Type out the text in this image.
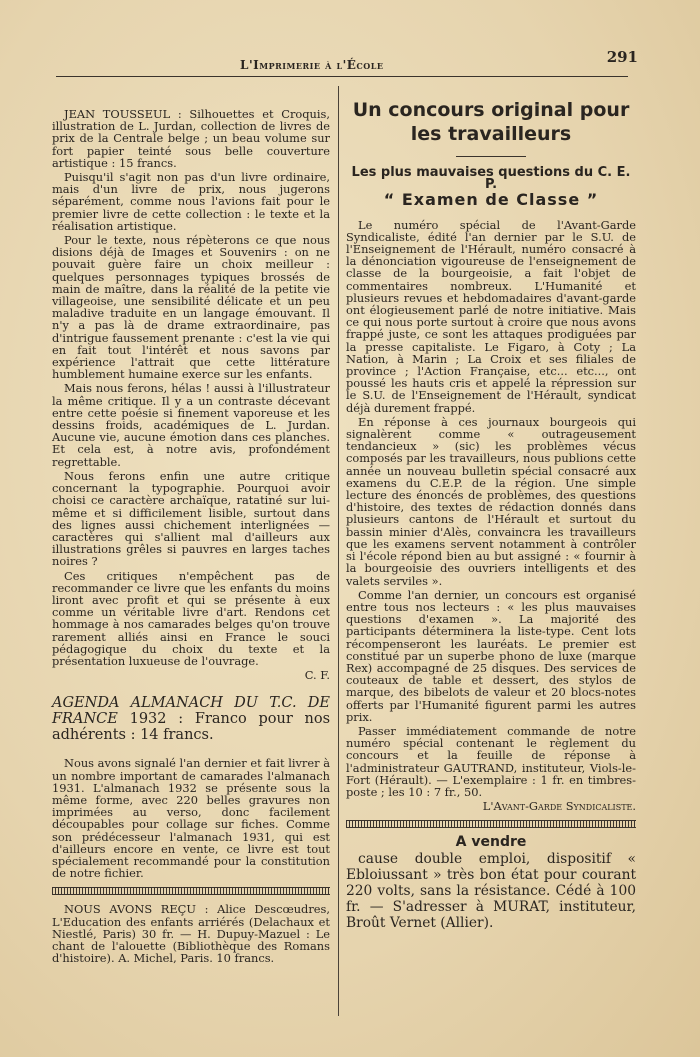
L'Imprimerie à l'École	291

JEAN TOUSSEUL : Silhouettes et Croquis, illustration de L. Jurdan, collection de livres de prix de la Centrale belge ; un beau volume sur fort papier teinté sous belle couverture artistique : 15 francs.

Puisqu'il s'agit non pas d'un livre ordinaire, mais d'un livre de prix, nous jugerons séparément, comme nous l'avions fait pour le premier livre de cette collection : le texte et la réalisation artistique.

Pour le texte, nous répèterons ce que nous disions déjà de Images et Souvenirs : on ne pouvait guère faire un choix meilleur : quelques personnages typiques brossés de main de maître, dans la réalité de la petite vie villageoise, une sensibilité délicate et un peu maladive traduite en un langage émouvant. Il n'y a pas là de drame extraordinaire, pas d'intrigue faussement prenante : c'est la vie qui en fait tout l'intérêt et nous savons par expérience l'attrait que cette littérature humblement humaine exerce sur les enfants.

Mais nous ferons, hélas ! aussi à l'illustrateur la même critique. Il y a un contraste décevant entre cette poésie si finement vaporeuse et les dessins froids, académiques de L. Jurdan. Aucune vie, aucune émotion dans ces planches. Et cela est, à notre avis, profondément regrettable.

Nous ferons enfin une autre critique concernant la typographie. Pourquoi avoir choisi ce caractère archaïque, ratatiné sur lui-même et si difficilement lisible, surtout dans des lignes aussi chichement interlignées — caractères qui s'allient mal d'ailleurs aux illustrations grêles si pauvres en larges taches noires ?

Ces critiques n'empêchent pas de recommander ce livre que les enfants du moins liront avec profit et qui se présente à eux comme un véritable livre d'art. Rendons cet hommage à nos camarades belges qu'on trouve rarement alliés ainsi en France le souci pédagogique du choix du texte et la présentation luxueuse de l'ouvrage.

C. F.

AGENDA ALMANACH DU T.C. DE FRANCE 1932 : Franco pour nos adhérents : 14 francs.

Nous avons signalé l'an dernier et fait livrer à un nombre important de camarades l'almanach 1931. L'almanach 1932 se présente sous la même forme, avec 220 belles gravures non imprimées au verso, donc facilement découpables pour collage sur fiches. Comme son prédécesseur l'almanach 1931, qui est d'ailleurs encore en vente, ce livre est tout spécialement recommandé pour la constitution de notre fichier.

NOUS AVONS REÇU : Alice Descœudres, L'Education des enfants arriérés (Delachaux et Niestlé, Paris) 30 fr. — H. Dupuy-Mazuel : Le chant de l'alouette (Bibliothèque des Romans d'histoire). A. Michel, Paris. 10 francs.

Un concours original pour les travailleurs
Les plus mauvaises questions du C. E. P.
“ Examen de Classe ”

Le numéro spécial de l'Avant-Garde Syndicaliste, édité l'an dernier par le S.U. de l'Enseignement de l'Hérault, numéro consacré à la dénonciation vigoureuse de l'enseignement de classe de la bourgeoisie, a fait l'objet de commentaires nombreux. L'Humanité et plusieurs revues et hebdomadaires d'avant-garde ont élogieusement parlé de notre initiative. Mais ce qui nous porte surtout à croire que nous avons frappé juste, ce sont les attaques prodiguées par la presse capitaliste. Le Figaro, à Coty ; La Nation, à Marin ; La Croix et ses filiales de province ; l'Action Française, etc... etc..., ont poussé les hauts cris et appelé la répression sur le S.U. de l'Enseignement de l'Hérault, syndicat déjà durement frappé.

En réponse à ces journaux bourgeois qui signalèrent comme « outrageusement tendancieux » (sic) les problèmes vécus composés par les travailleurs, nous publions cette année un nouveau bulletin spécial consacré aux examens du C.E.P. de la région. Une simple lecture des énoncés de problèmes, des questions d'histoire, des textes de rédaction donnés dans plusieurs cantons de l'Hérault et surtout du bassin minier d'Alès, convaincra les travailleurs que les examens servent notamment à contrôler si l'école répond bien au but assigné : « fournir à la bourgeoisie des ouvriers intelligents et des valets serviles ».

Comme l'an dernier, un concours est organisé entre tous nos lecteurs : « les plus mauvaises questions d'examen ». La majorité des participants déterminera la liste-type. Cent lots récompenseront les lauréats. Le premier est constitué par un superbe phono de luxe (marque Rex) accompagné de 25 disques. Des services de couteaux de table et dessert, des stylos de marque, des bibelots de valeur et 20 blocs-notes offerts par l'Humanité figurent parmi les autres prix.

Passer immédiatement commande de notre numéro spécial contenant le règlement du concours et la feuille de réponse à l'administrateur GAUTRAND, instituteur, Viols-le-Fort (Hérault). — L'exemplaire : 1 fr. en timbres-poste ; les 10 : 7 fr., 50.

L'Avant-Garde Syndicaliste.

A vendre

cause double emploi, dispositif « Ebloiussant » très bon état pour courant 220 volts, sans la résistance. Cédé à 100 fr. — S'adresser à MURAT, instituteur, Broût Vernet (Allier).
